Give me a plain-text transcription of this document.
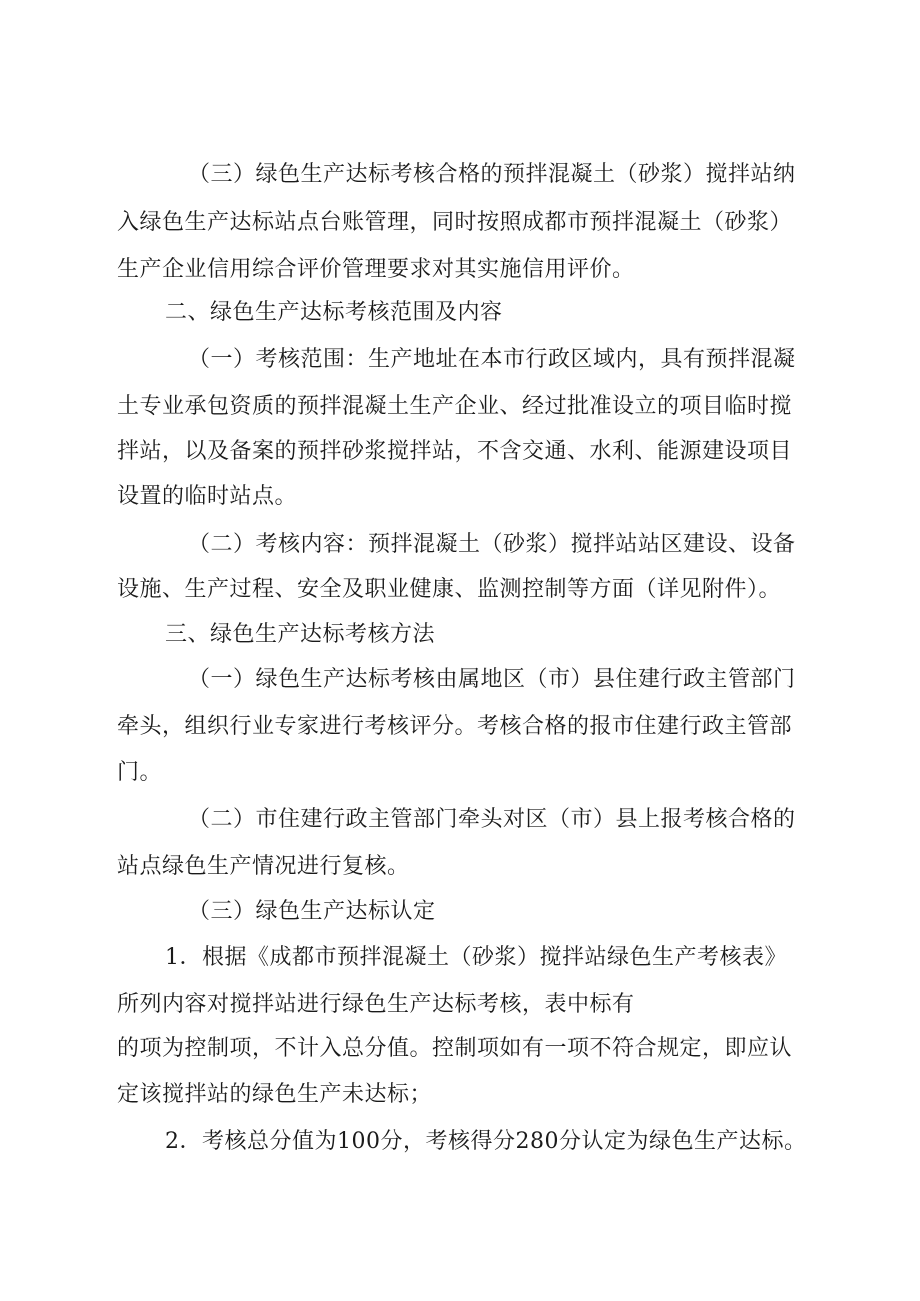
（三）绿色生产达标考核合格的预拌混凝土（砂浆）搅拌站纳
入绿色生产达标站点台账管理，同时按照成都市预拌混凝土（砂浆）
生产企业信用综合评价管理要求对其实施信用评价。
二、绿色生产达标考核范围及内容
（一）考核范围：生产地址在本市行政区域内，具有预拌混凝
土专业承包资质的预拌混凝土生产企业、经过批准设立的项目临时搅
拌站，以及备案的预拌砂浆搅拌站，不含交通、水利、能源建设项目
设置的临时站点。
（二）考核内容：预拌混凝土（砂浆）搅拌站站区建设、设备
设施、生产过程、安全及职业健康、监测控制等方面（详见附件）。
三、绿色生产达标考核方法
（一）绿色生产达标考核由属地区（市）县住建行政主管部门
牵头，组织行业专家进行考核评分。考核合格的报市住建行政主管部
门。
（二）市住建行政主管部门牵头对区（市）县上报考核合格的
站点绿色生产情况进行复核。
（三）绿色生产达标认定
1．根据《成都市预拌混凝土（砂浆）搅拌站绿色生产考核表》
所列内容对搅拌站进行绿色生产达标考核，表中标有
的项为控制项，不计入总分值。控制项如有一项不符合规定，即应认
定该搅拌站的绿色生产未达标；
2．考核总分值为100分，考核得分280分认定为绿色生产达标。
